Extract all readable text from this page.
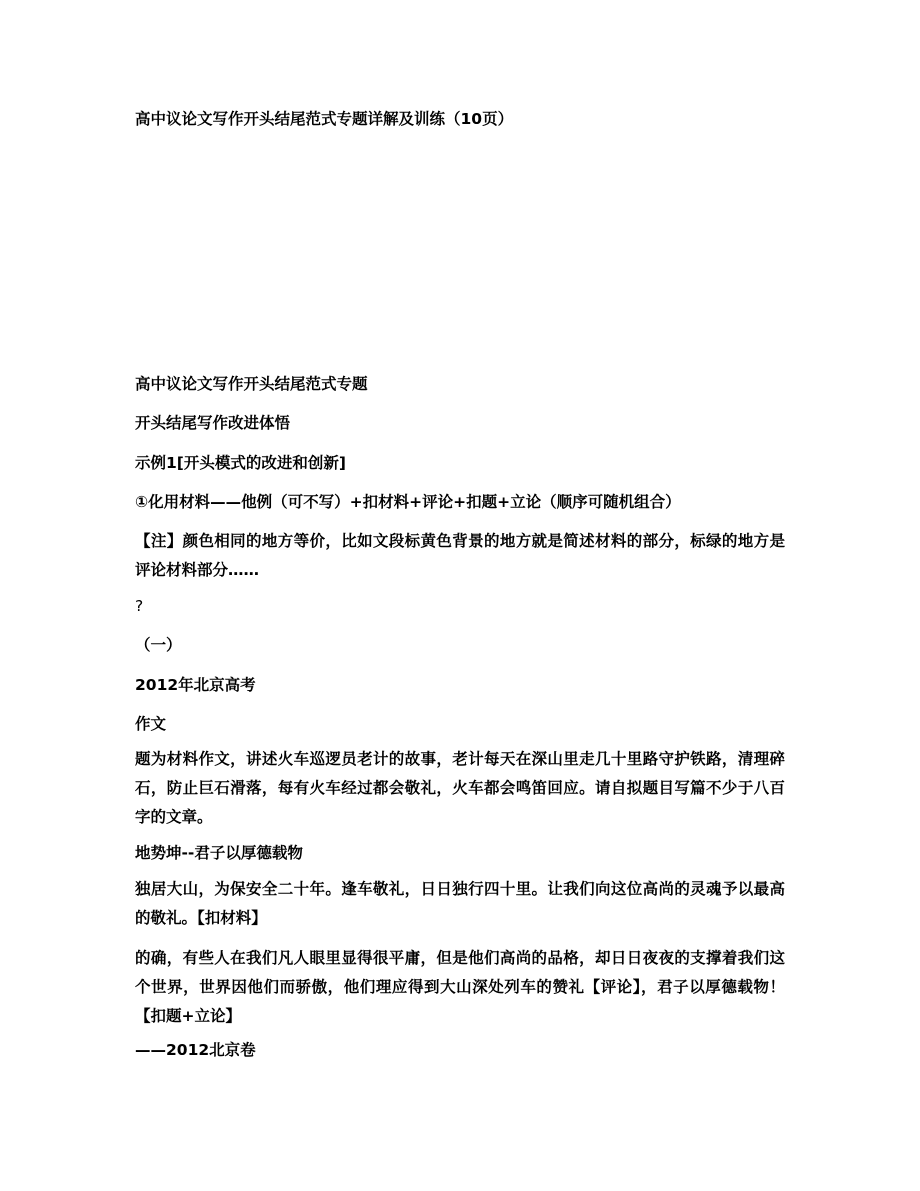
高中议论文写作开头结尾范式专题详解及训练（10页）

高中议论文写作开头结尾范式专题

开头结尾写作改进体悟

示例1[开头模式的改进和创新]

①化用材料——他例（可不写）+扣材料+评论+扣题+立论（顺序可随机组合）

【注】颜色相同的地方等价，比如文段标黄色背景的地方就是简述材料的部分，标绿的地方是评论材料部分……

?

（一）

2012年北京高考

作文

题为材料作文，讲述火车巡逻员老计的故事，老计每天在深山里走几十里路守护铁路，清理碎石，防止巨石滑落，每有火车经过都会敬礼，火车都会鸣笛回应。请自拟题目写篇不少于八百字的文章。

地势坤--君子以厚德载物

独居大山，为保安全二十年。逢车敬礼，日日独行四十里。让我们向这位高尚的灵魂予以最高的敬礼。【扣材料】

的确，有些人在我们凡人眼里显得很平庸，但是他们高尚的品格，却日日夜夜的支撑着我们这个世界，世界因他们而骄傲，他们理应得到大山深处列车的赞礼【评论】，君子以厚德载物！【扣题+立论】

——2012北京卷
